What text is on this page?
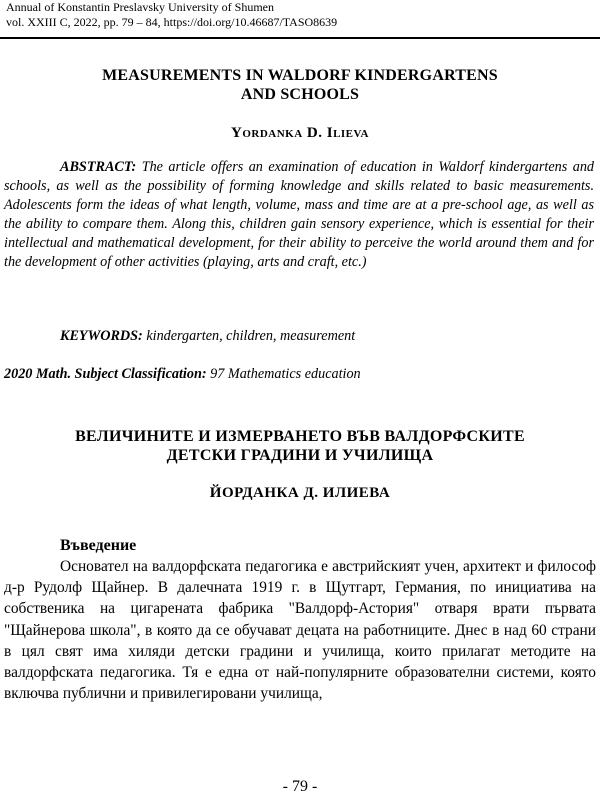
Annual of Konstantin Preslavsky University of Shumen
vol. XXIII C, 2022, pp. 79 – 84, https://doi.org/10.46687/TASO8639
MEASUREMENTS IN WALDORF KINDERGARTENS
AND SCHOOLS
Yordanka D. Ilieva
ABSTRACT: The article offers an examination of education in Waldorf kindergartens and schools, as well as the possibility of forming knowledge and skills related to basic measurements. Adolescents form the ideas of what length, volume, mass and time are at a pre-school age, as well as the ability to compare them. Along this, children gain sensory experience, which is essential for their intellectual and mathematical development, for their ability to perceive the world around them and for the development of other activities (playing, arts and craft, etc.)
KEYWORDS: kindergarten, children, measurement
2020 Math. Subject Classification: 97 Mathematics education
ВЕЛИЧИНИТЕ И ИЗМЕРВАНЕТО ВЪВ ВАЛДОРФСКИТЕ
ДЕТСКИ ГРАДИНИ И УЧИЛИЩА
ЙОРДАНКА Д. ИЛИЕВА
Въведение
Основател на валдорфската педагогика е австрийският учен, архитект и философ д-р Рудолф Щайнер. В далечната 1919 г. в Щутгарт, Германия, по инициатива на собственика на цигарената фабрика "Валдорф-Астория" отваря врати първата "Щайнерова школа", в която да се обучават децата на работниците. Днес в над 60 страни в цял свят има хиляди детски градини и училища, които прилагат методите на валдорфската педагогика. Тя е една от най-популярните образователни системи, която включва публични и привилегировани училища,
- 79 -
